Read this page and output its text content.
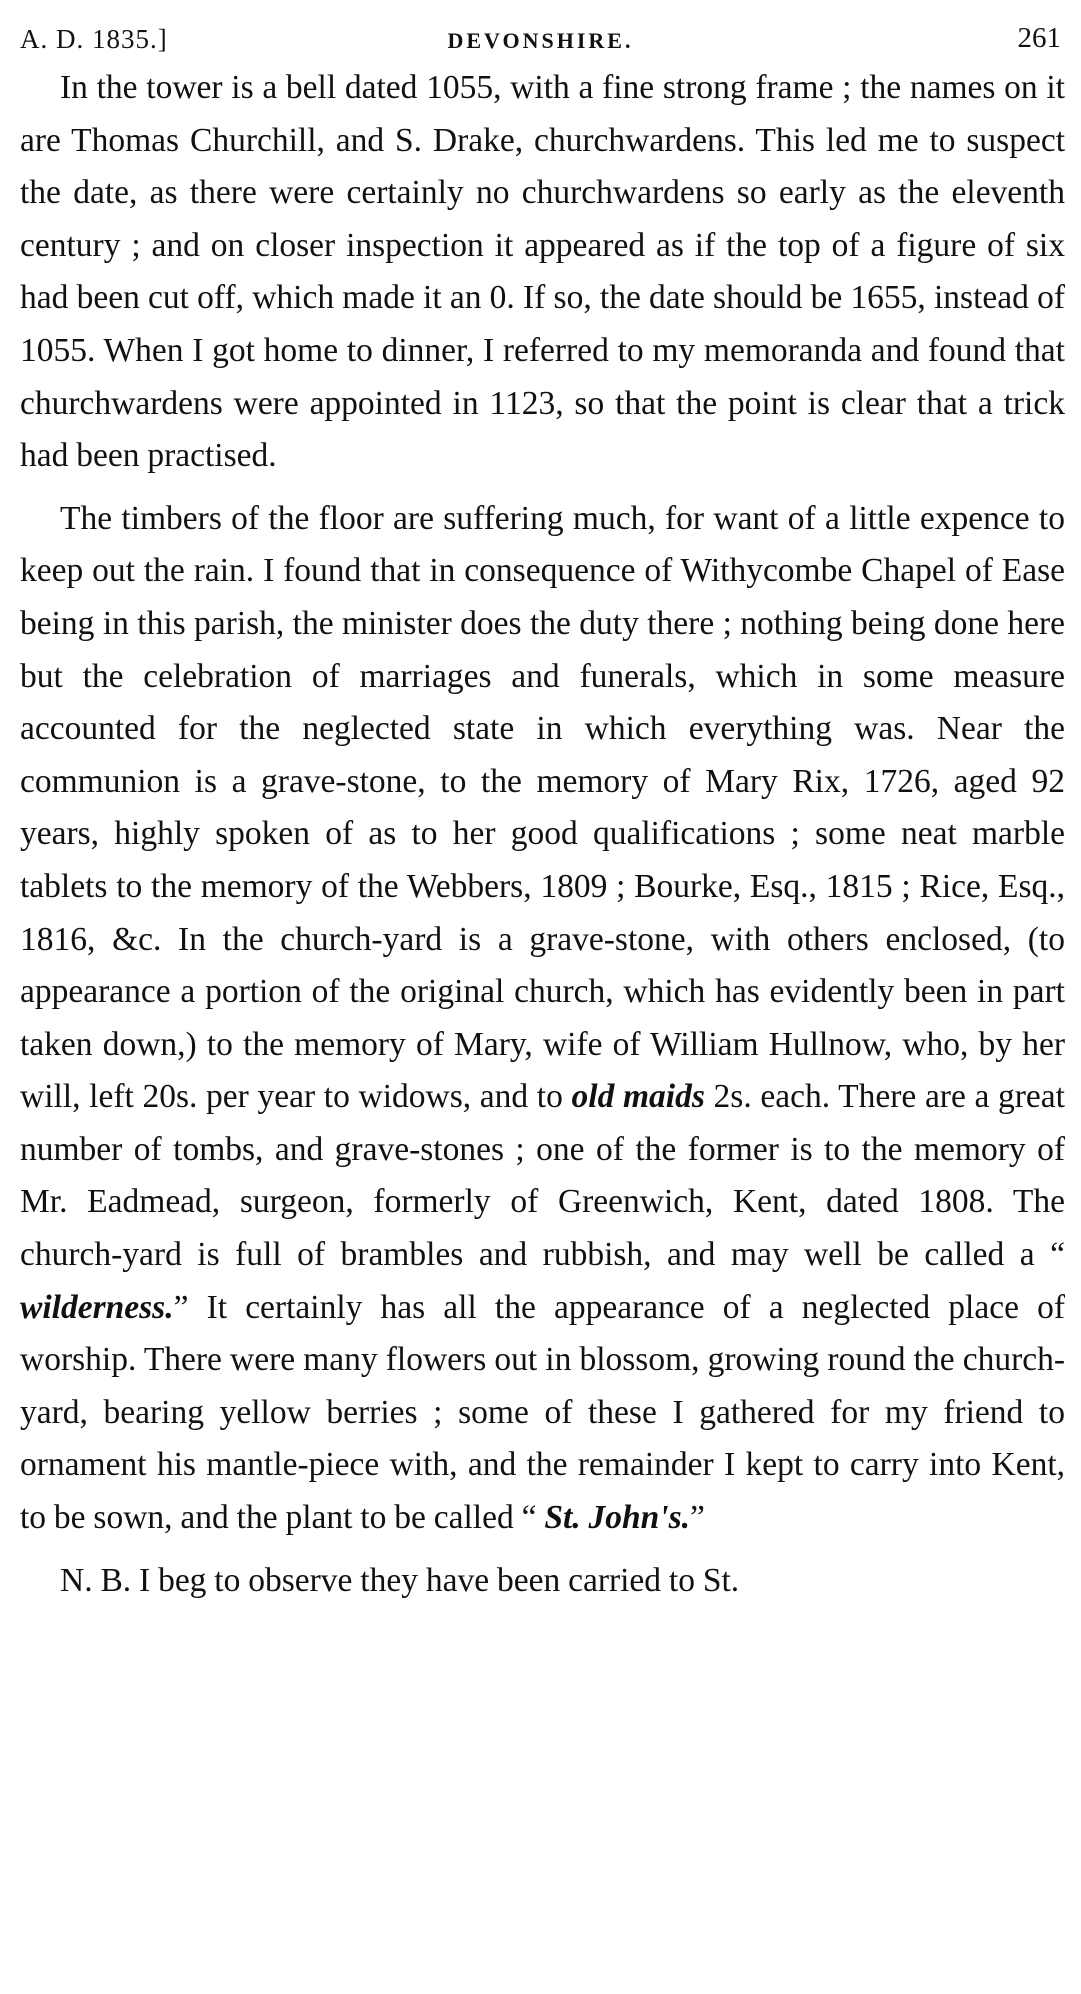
A. D. 1835.]	DEVONSHIRE.	261

In the tower is a bell dated 1055, with a fine strong frame ; the names on it are Thomas Churchill, and S. Drake, churchwardens. This led me to suspect the date, as there were certainly no churchwardens so early as the eleventh century ; and on closer inspection it appeared as if the top of a figure of six had been cut off, which made it an 0. If so, the date should be 1655, instead of 1055. When I got home to dinner, I referred to my memoranda and found that churchwardens were appointed in 1123, so that the point is clear that a trick had been practised.

The timbers of the floor are suffering much, for want of a little expence to keep out the rain. I found that in consequence of Withycombe Chapel of Ease being in this parish, the minister does the duty there ; nothing being done here but the celebration of marriages and funerals, which in some measure accounted for the neglected state in which everything was. Near the communion is a grave-stone, to the memory of Mary Rix, 1726, aged 92 years, highly spoken of as to her good qualifications ; some neat marble tablets to the memory of the Webbers, 1809 ; Bourke, Esq., 1815 ; Rice, Esq., 1816, &c. In the church-yard is a grave-stone, with others enclosed, (to appearance a portion of the original church, which has evidently been in part taken down,) to the memory of Mary, wife of William Hullnow, who, by her will, left 20s. per year to widows, and to old maids 2s. each. There are a great number of tombs, and grave-stones ; one of the former is to the memory of Mr. Eadmead, surgeon, formerly of Greenwich, Kent, dated 1808. The church-yard is full of brambles and rubbish, and may well be called a “ wilderness.” It certainly has all the appearance of a neglected place of worship. There were many flowers out in blossom, growing round the church-yard, bearing yellow berries ; some of these I gathered for my friend to ornament his mantle-piece with, and the remainder I kept to carry into Kent, to be sown, and the plant to be called “ St. John's.”

N. B. I beg to observe they have been carried to St.
